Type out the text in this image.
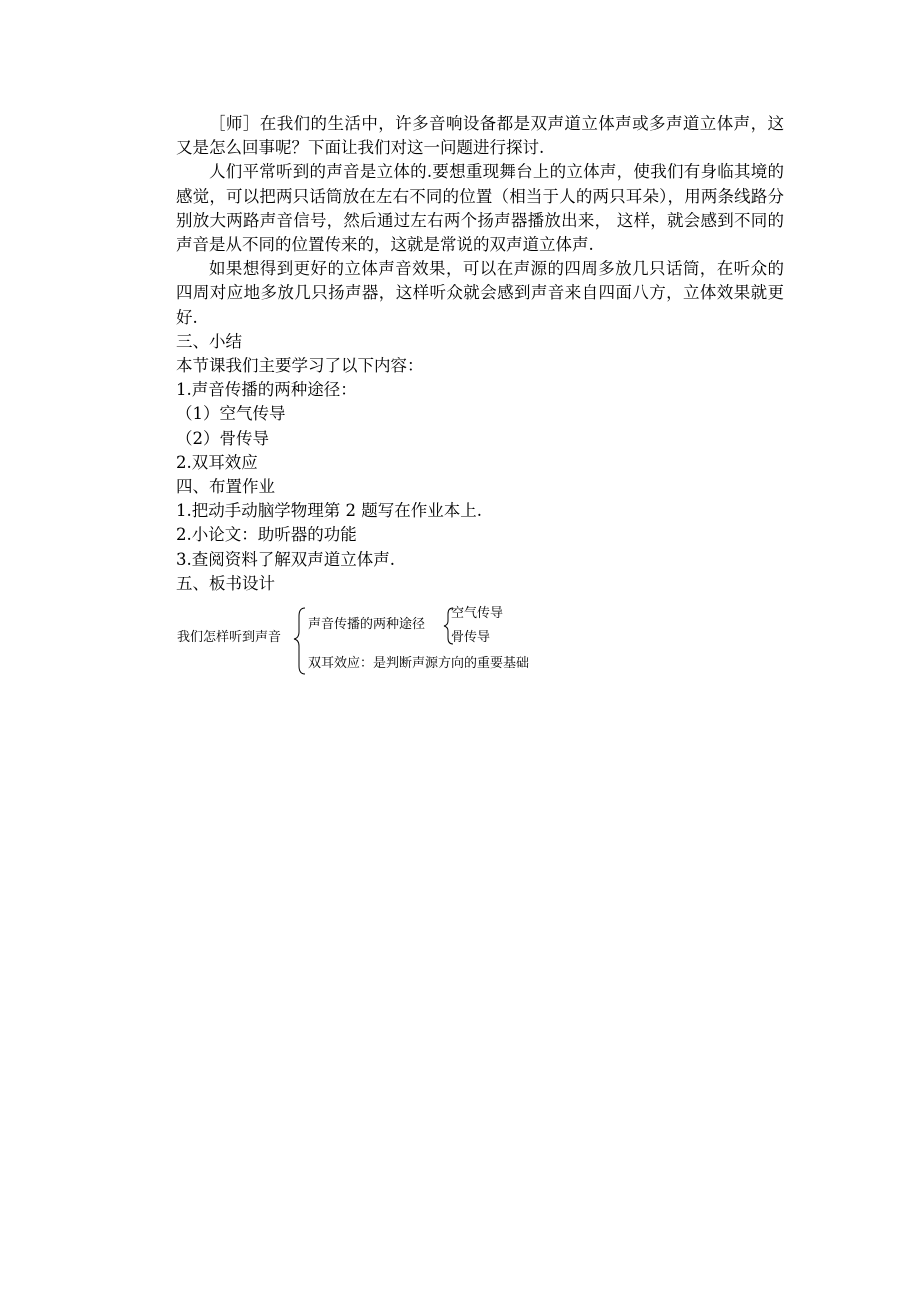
［师］在我们的生活中，许多音响设备都是双声道立体声或多声道立体声，这又是怎么回事呢？下面让我们对这一问题进行探讨.

人们平常听到的声音是立体的.要想重现舞台上的立体声，使我们有身临其境的感觉，可以把两只话筒放在左右不同的位置（相当于人的两只耳朵），用两条线路分别放大两路声音信号，然后通过左右两个扬声器播放出来， 这样，就会感到不同的声音是从不同的位置传来的，这就是常说的双声道立体声.

如果想得到更好的立体声音效果，可以在声源的四周多放几只话筒，在听众的四周对应地多放几只扬声器，这样听众就会感到声音来自四面八方，立体效果就更好.

三、小结

本节课我们主要学习了以下内容：

1.声音传播的两种途径：

（1）空气传导

（2）骨传导

2.双耳效应

四、布置作业

1.把动手动脑学物理第 2 题写在作业本上.

2.小论文：助听器的功能

3.查阅资料了解双声道立体声.

五、板书设计

我们怎样听到声音
声音传播的两种途径
空气传导
骨传导
双耳效应：是判断声源方向的重要基础
